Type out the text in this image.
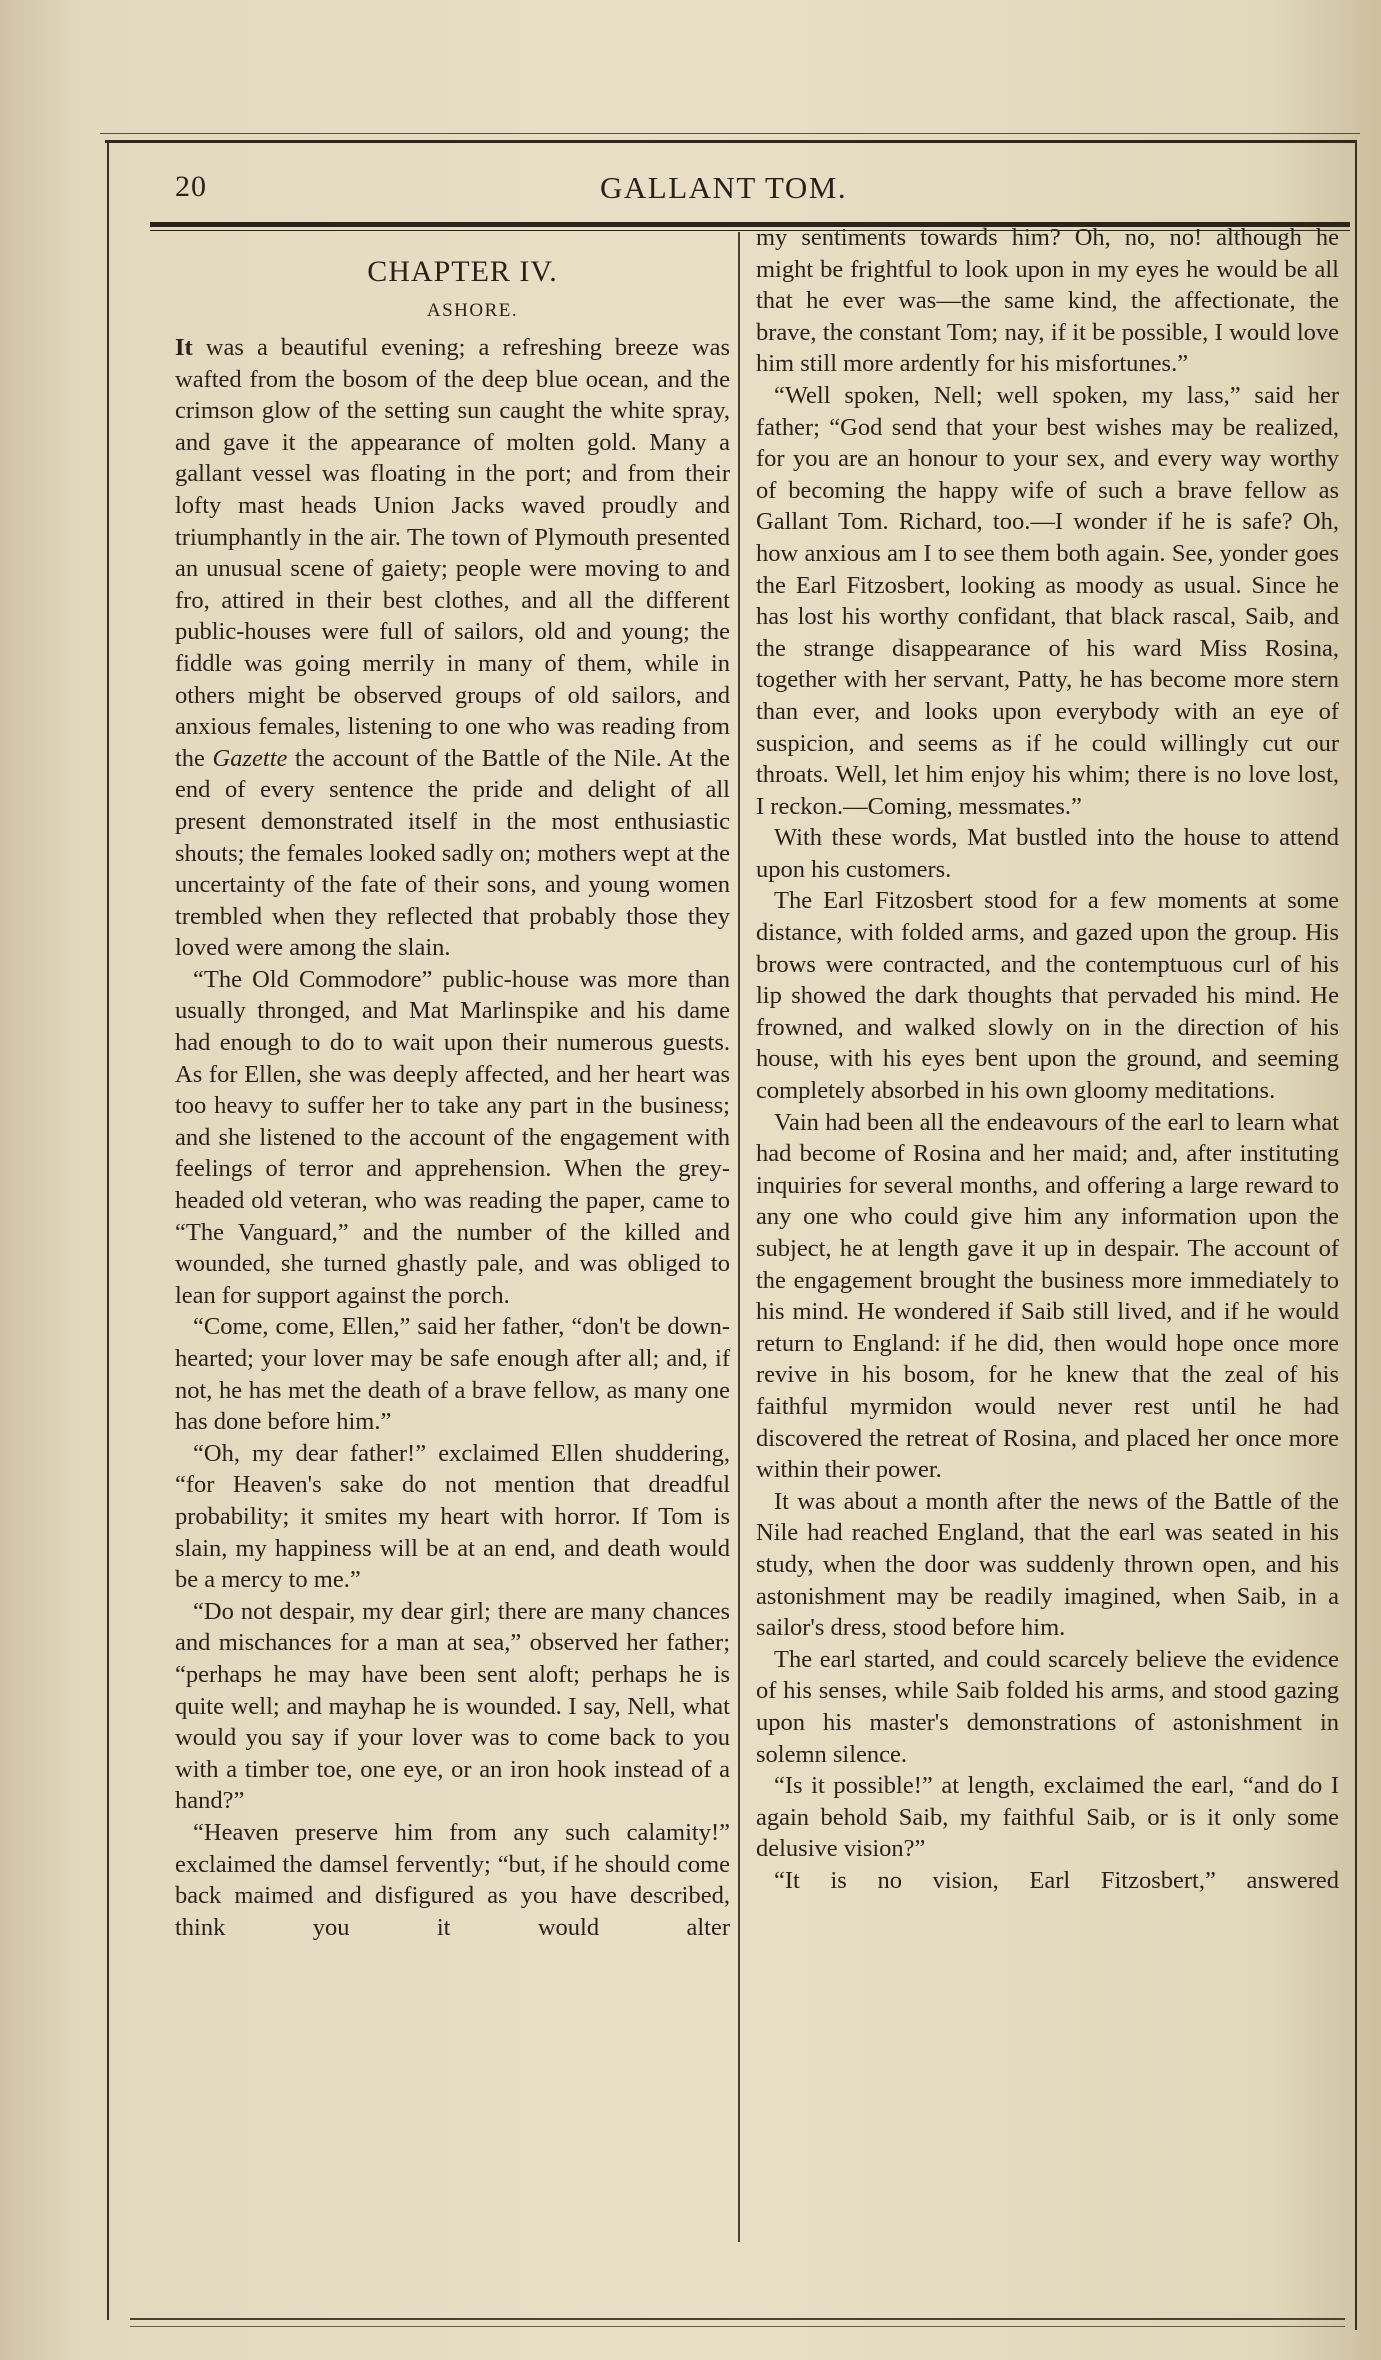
20	GALLANT TOM.
CHAPTER IV.
ASHORE.

It was a beautiful evening; a refreshing breeze was wafted from the bosom of the deep blue ocean, and the crimson glow of the setting sun caught the white spray, and gave it the appearance of molten gold. Many a gallant vessel was floating in the port; and from their lofty mast heads Union Jacks waved proudly and triumphantly in the air. The town of Plymouth presented an unusual scene of gaiety; people were moving to and fro, attired in their best clothes, and all the different public-houses were full of sailors, old and young; the fiddle was going merrily in many of them, while in others might be observed groups of old sailors, and anxious females, listening to one who was reading from the Gazette the account of the Battle of the Nile. At the end of every sentence the pride and delight of all present demonstrated itself in the most enthusiastic shouts; the females looked sadly on; mothers wept at the uncertainty of the fate of their sons, and young women trembled when they reflected that probably those they loved were among the slain.

“The Old Commodore” public-house was more than usually thronged, and Mat Marlinspike and his dame had enough to do to wait upon their numerous guests. As for Ellen, she was deeply affected, and her heart was too heavy to suffer her to take any part in the business; and she listened to the account of the engagement with feelings of terror and apprehension. When the grey-headed old veteran, who was reading the paper, came to “The Vanguard,” and the number of the killed and wounded, she turned ghastly pale, and was obliged to lean for support against the porch.

“Come, come, Ellen,” said her father, “don't be down-hearted; your lover may be safe enough after all; and, if not, he has met the death of a brave fellow, as many one has done before him.”

“Oh, my dear father!” exclaimed Ellen shuddering, “for Heaven's sake do not mention that dreadful probability; it smites my heart with horror. If Tom is slain, my happiness will be at an end, and death would be a mercy to me.”

“Do not despair, my dear girl; there are many chances and mischances for a man at sea,” observed her father; “perhaps he may have been sent aloft; perhaps he is quite well; and mayhap he is wounded. I say, Nell, what would you say if your lover was to come back to you with a timber toe, one eye, or an iron hook instead of a hand?”

“Heaven preserve him from any such calamity!” exclaimed the damsel fervently; “but, if he should come back maimed and disfigured as you have described, think you it would alter

my sentiments towards him? Oh, no, no! although he might be frightful to look upon in my eyes he would be all that he ever was—the same kind, the affectionate, the brave, the constant Tom; nay, if it be possible, I would love him still more ardently for his misfortunes.”

“Well spoken, Nell; well spoken, my lass,” said her father; “God send that your best wishes may be realized, for you are an honour to your sex, and every way worthy of becoming the happy wife of such a brave fellow as Gallant Tom. Richard, too.—I wonder if he is safe? Oh, how anxious am I to see them both again. See, yonder goes the Earl Fitzosbert, looking as moody as usual. Since he has lost his worthy confidant, that black rascal, Saib, and the strange disappearance of his ward Miss Rosina, together with her servant, Patty, he has become more stern than ever, and looks upon everybody with an eye of suspicion, and seems as if he could willingly cut our throats. Well, let him enjoy his whim; there is no love lost, I reckon.—Coming, messmates.”

With these words, Mat bustled into the house to attend upon his customers.

The Earl Fitzosbert stood for a few moments at some distance, with folded arms, and gazed upon the group. His brows were contracted, and the contemptuous curl of his lip showed the dark thoughts that pervaded his mind. He frowned, and walked slowly on in the direction of his house, with his eyes bent upon the ground, and seeming completely absorbed in his own gloomy meditations.

Vain had been all the endeavours of the earl to learn what had become of Rosina and her maid; and, after instituting inquiries for several months, and offering a large reward to any one who could give him any information upon the subject, he at length gave it up in despair. The account of the engagement brought the business more immediately to his mind. He wondered if Saib still lived, and if he would return to England: if he did, then would hope once more revive in his bosom, for he knew that the zeal of his faithful myrmidon would never rest until he had discovered the retreat of Rosina, and placed her once more within their power.

It was about a month after the news of the Battle of the Nile had reached England, that the earl was seated in his study, when the door was suddenly thrown open, and his astonishment may be readily imagined, when Saib, in a sailor's dress, stood before him.

The earl started, and could scarcely believe the evidence of his senses, while Saib folded his arms, and stood gazing upon his master's demonstrations of astonishment in solemn silence.

“Is it possible!” at length, exclaimed the earl, “and do I again behold Saib, my faithful Saib, or is it only some delusive vision?”

“It is no vision, Earl Fitzosbert,” answered
